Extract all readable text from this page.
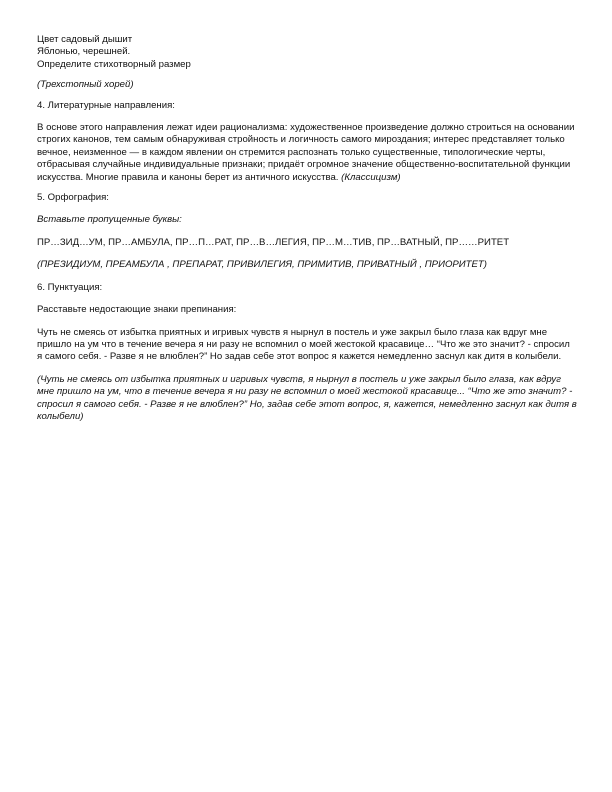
Цвет садовый дышит

Яблонью, черешней.

Определите стихотворный размер

(Трехстопный хорей)

4. Литературные направления:

В основе этого направления лежат идеи рационализма: художественное произведение должно строиться на основании строгих канонов, тем самым обнаруживая стройность и логичность самого мироздания; интерес представляет только вечное, неизменное — в каждом явлении он стремится распознать только существенные, типологические черты, отбрасывая случайные индивидуальные признаки; придаёт огромное значение общественно-воспитательной функции искусства. Многие правила и каноны берет из античного искусства. (Классицизм)

5. Орфография:

Вставьте пропущенные буквы:

ПР…ЗИД…УМ, ПР…АМБУЛА, ПР…П…РАТ, ПР…В…ЛЕГИЯ, ПР…М…ТИВ, ПР…ВАТНЫЙ, ПР……РИТЕТ

(ПРЕЗИДИУМ, ПРЕАМБУЛА , ПРЕПАРАТ, ПРИВИЛЕГИЯ, ПРИМИТИВ, ПРИВАТНЫЙ , ПРИОРИТЕТ)

6. Пунктуация:

Расставьте недостающие знаки препинания:

Чуть не смеясь от избытка приятных и игривых чувств я нырнул в постель и уже закрыл было глаза как вдруг мне пришло на ум что в течение вечера я ни разу не вспомнил о моей жестокой красавице… “Что же это значит? - спросил я самого себя. - Разве я не влюблен?” Но задав себе этот вопрос я кажется немедленно заснул как дитя в колыбели.

(Чуть не смеясь от избытка приятных и игривых чувств, я нырнул в постель и уже закрыл было глаза, как вдруг мне пришло на ум, что в течение вечера я ни разу не вспомнил о моей жестокой красавице... “Что же это значит? - спросил я самого себя. - Разве я не влюблен?” Но, задав себе этот вопрос, я, кажется, немедленно заснул как дитя в колыбели)
